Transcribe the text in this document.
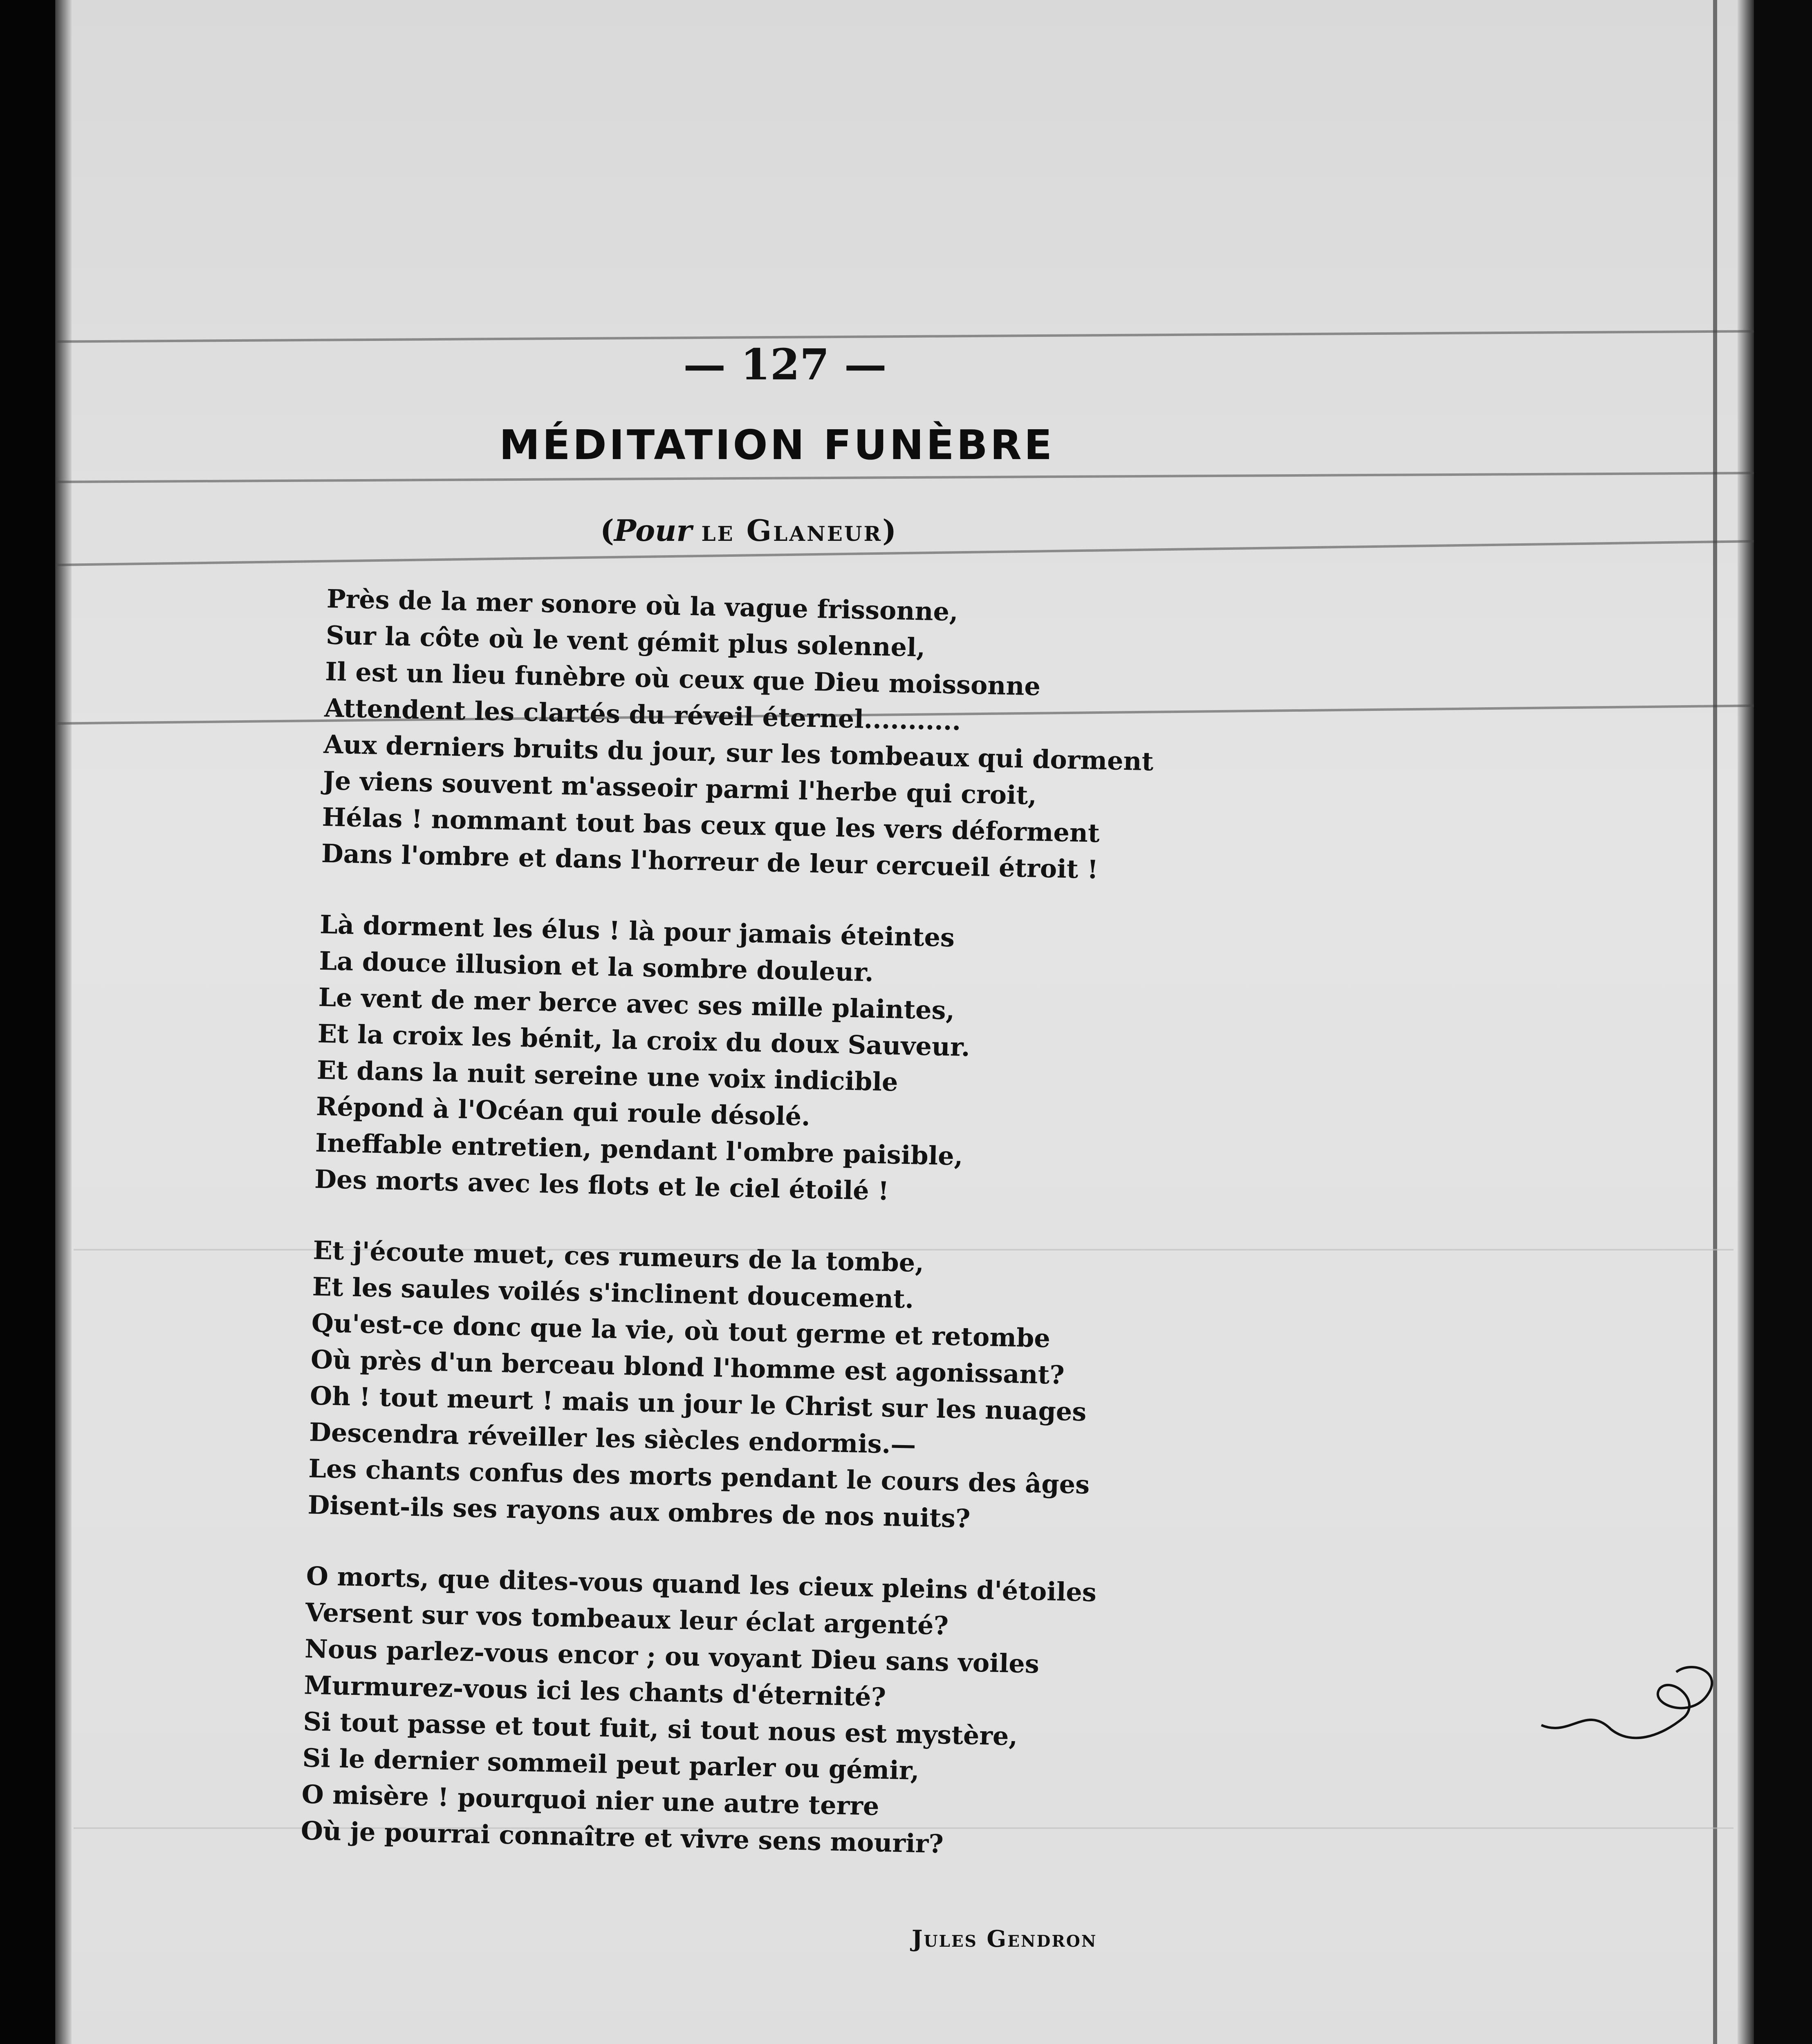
— 127 —
MÉDITATION FUNÈBRE
(Pour le Glaneur)
Près de la mer sonore où la vague frissonne,
Sur la côte où le vent gémit plus solennel,
Il est un lieu funèbre où ceux que Dieu moissonne
Attendent les clartés du réveil éternel...........
Aux derniers bruits du jour, sur les tombeaux qui dorment
Je viens souvent m'asseoir parmi l'herbe qui croit,
Hélas ! nommant tout bas ceux que les vers déforment
Dans l'ombre et dans l'horreur de leur cercueil étroit !
Là dorment les élus ! là pour jamais éteintes
La douce illusion et la sombre douleur.
Le vent de mer berce avec ses mille plaintes,
Et la croix les bénit, la croix du doux Sauveur.
Et dans la nuit sereine une voix indicible
Répond à l'Océan qui roule désolé.
Ineffable entretien, pendant l'ombre paisible,
Des morts avec les flots et le ciel étoilé !
Et j'écoute muet, ces rumeurs de la tombe,
Et les saules voilés s'inclinent doucement.
Qu'est-ce donc que la vie, où tout germe et retombe
Où près d'un berceau blond l'homme est agonissant?
Oh ! tout meurt ! mais un jour le Christ sur les nuages
Descendra réveiller les siècles endormis.—
Les chants confus des morts pendant le cours des âges
Disent-ils ses rayons aux ombres de nos nuits?
O morts, que dites-vous quand les cieux pleins d'étoiles
Versent sur vos tombeaux leur éclat argenté?
Nous parlez-vous encor ; ou voyant Dieu sans voiles
Murmurez-vous ici les chants d'éternité?
Si tout passe et tout fuit, si tout nous est mystère,
Si le dernier sommeil peut parler ou gémir,
O misère ! pourquoi nier une autre terre
Où je pourrai connaître et vivre sens mourir?
Jules Gendron
